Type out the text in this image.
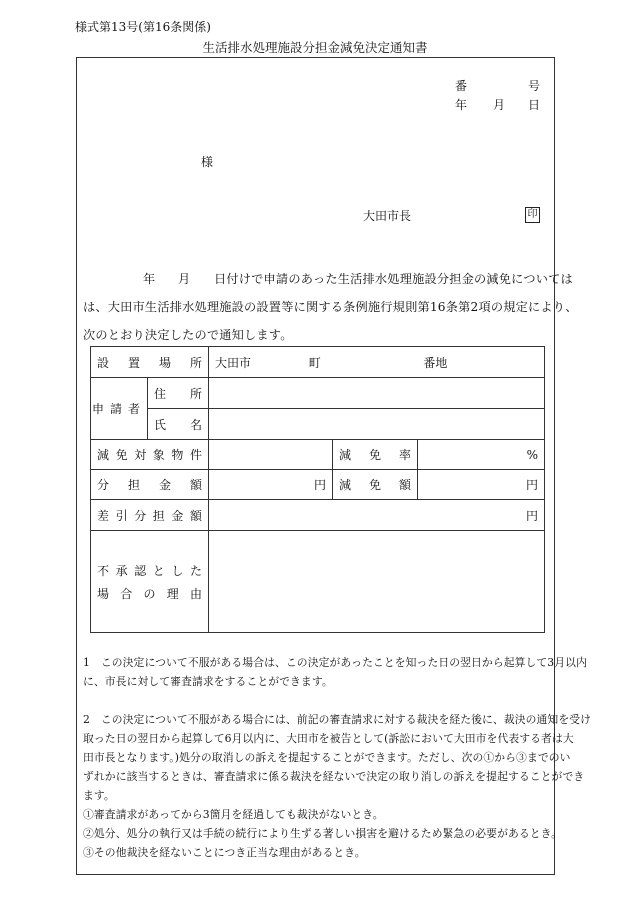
様式第13号(第16条関係)
生活排水処理施設分担金減免決定通知書
番	号
年 月 日
様
大田市長	印
年 月 日付けで申請のあった生活排水処理施設分担金の減免については
は、大田市生活排水処理施設の設置等に関する条例施行規則第16条第2項の規定により、
次のとおり決定したので通知します。
設置場所		大田市 町 番地		
申請者	住所			

	氏名			
減免対象物件			減免率	%
分担金額		円	減免額	円
差引分担金額		円		

不承認とした
場合の理由				

1　この決定について不服がある場合は、この決定があったことを知った日の翌日から起算して3月以内
に、市長に対して審査請求をすることができます。
2　この決定について不服がある場合には、前記の審査請求に対する裁決を経た後に、裁決の通知を受け
取った日の翌日から起算して6月以内に、大田市を被告として(訴訟において大田市を代表する者は大
田市長となります。)処分の取消しの訴えを提起することができます。ただし、次の①から③までのい
ずれかに該当するときは、審査請求に係る裁決を経ないで決定の取り消しの訴えを提起することができ
ます。
①審査請求があってから3箇月を経過しても裁決がないとき。
②処分、処分の執行又は手続の続行により生ずる著しい損害を避けるため緊急の必要があるとき。
③その他裁決を経ないことにつき正当な理由があるとき。
